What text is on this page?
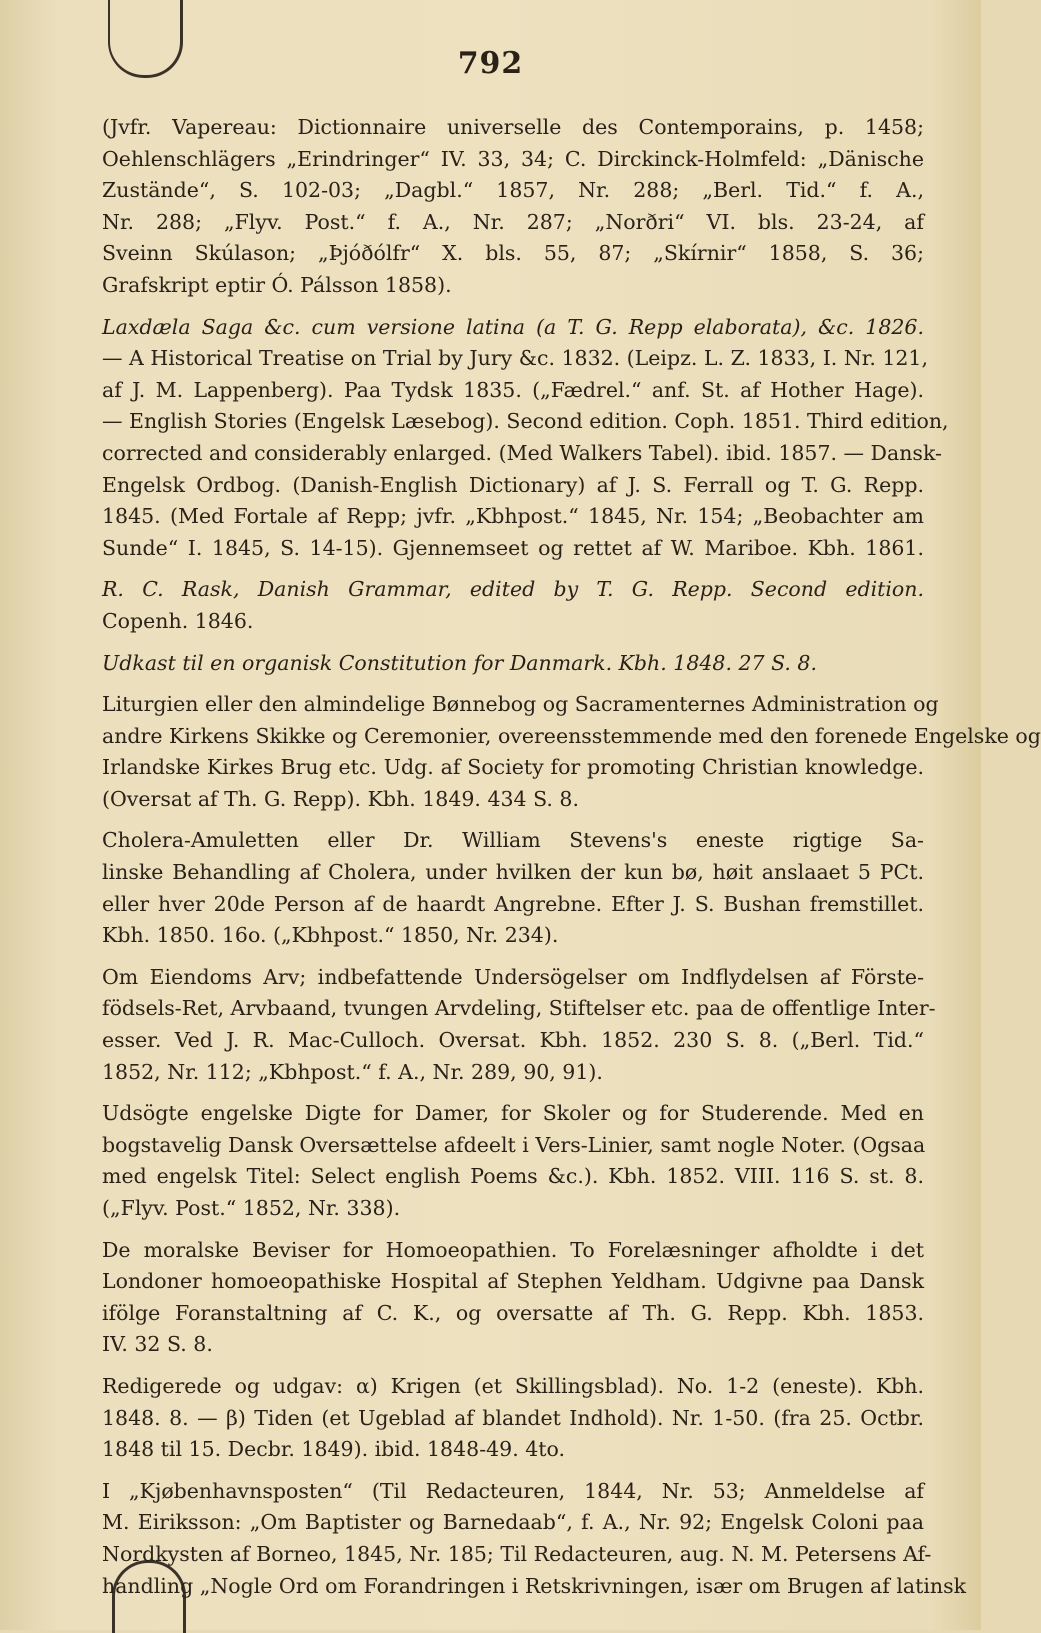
792
(Jvfr. Vapereau: Dictionnaire universelle des Contemporains, p. 1458;
Oehlenschlägers „Erindringer“ IV. 33, 34; C. Dirckinck-Holmfeld: „Dänische
Zustände“, S. 102-03; „Dagbl.“ 1857, Nr. 288; „Berl. Tid.“ f. A.,
Nr. 288; „Flyv. Post.“ f. A., Nr. 287; „Norðri“ VI. bls. 23-24, af
Sveinn Skúlason; „Þjóðólfr“ X. bls. 55, 87; „Skírnir“ 1858, S. 36;
Grafskript eptir Ó. Pálsson 1858).
Laxdæla Saga &c. cum versione latina (a T. G. Repp elaborata), &c. 1826.
— A Historical Treatise on Trial by Jury &c. 1832. (Leipz. L. Z. 1833, I. Nr. 121,
af J. M. Lappenberg). Paa Tydsk 1835. („Fædrel.“ anf. St. af Hother Hage).
— English Stories (Engelsk Læsebog). Second edition. Coph. 1851. Third edition,
corrected and considerably enlarged. (Med Walkers Tabel). ibid. 1857. — Dansk-
Engelsk Ordbog. (Danish-English Dictionary) af J. S. Ferrall og T. G. Repp.
1845. (Med Fortale af Repp; jvfr. „Kbhpost.“ 1845, Nr. 154; „Beobachter am
Sunde“ I. 1845, S. 14-15). Gjennemseet og rettet af W. Mariboe. Kbh. 1861.
R. C. Rask, Danish Grammar, edited by T. G. Repp. Second edition.
Copenh. 1846.
Udkast til en organisk Constitution for Danmark. Kbh. 1848. 27 S. 8.
Liturgien eller den almindelige Bønnebog og Sacramenternes Administration og
andre Kirkens Skikke og Ceremonier, overeensstemmende med den forenede Engelske og
Irlandske Kirkes Brug etc. Udg. af Society for promoting Christian knowledge.
(Oversat af Th. G. Repp). Kbh. 1849. 434 S. 8.
Cholera-Amuletten eller Dr. William Stevens's eneste rigtige Sa-
linske Behandling af Cholera, under hvilken der kun bø, høit anslaaet 5 PCt.
eller hver 20de Person af de haardt Angrebne. Efter J. S. Bushan fremstillet.
Kbh. 1850. 16o. („Kbhpost.“ 1850, Nr. 234).
Om Eiendoms Arv; indbefattende Undersögelser om Indflydelsen af Förste-
födsels-Ret, Arvbaand, tvungen Arvdeling, Stiftelser etc. paa de offentlige Inter-
esser. Ved J. R. Mac-Culloch. Oversat. Kbh. 1852. 230 S. 8. („Berl. Tid.“
1852, Nr. 112; „Kbhpost.“ f. A., Nr. 289, 90, 91).
Udsögte engelske Digte for Damer, for Skoler og for Studerende. Med en
bogstavelig Dansk Oversættelse afdeelt i Vers-Linier, samt nogle Noter. (Ogsaa
med engelsk Titel: Select english Poems &c.). Kbh. 1852. VIII. 116 S. st. 8.
(„Flyv. Post.“ 1852, Nr. 338).
De moralske Beviser for Homoeopathien. To Forelæsninger afholdte i det
Londoner homoeopathiske Hospital af Stephen Yeldham. Udgivne paa Dansk
ifölge Foranstaltning af C. K., og oversatte af Th. G. Repp. Kbh. 1853.
IV. 32 S. 8.
Redigerede og udgav: α) Krigen (et Skillingsblad). No. 1-2 (eneste). Kbh.
1848. 8. — β) Tiden (et Ugeblad af blandet Indhold). Nr. 1-50. (fra 25. Octbr.
1848 til 15. Decbr. 1849). ibid. 1848-49. 4to.
I „Kjøbenhavnsposten“ (Til Redacteuren, 1844, Nr. 53; Anmeldelse af
M. Eiriksson: „Om Baptister og Barnedaab“, f. A., Nr. 92; Engelsk Coloni paa
Nordkysten af Borneo, 1845, Nr. 185; Til Redacteuren, aug. N. M. Petersens Af-
handling „Nogle Ord om Forandringen i Retskrivningen, især om Brugen af latinsk
